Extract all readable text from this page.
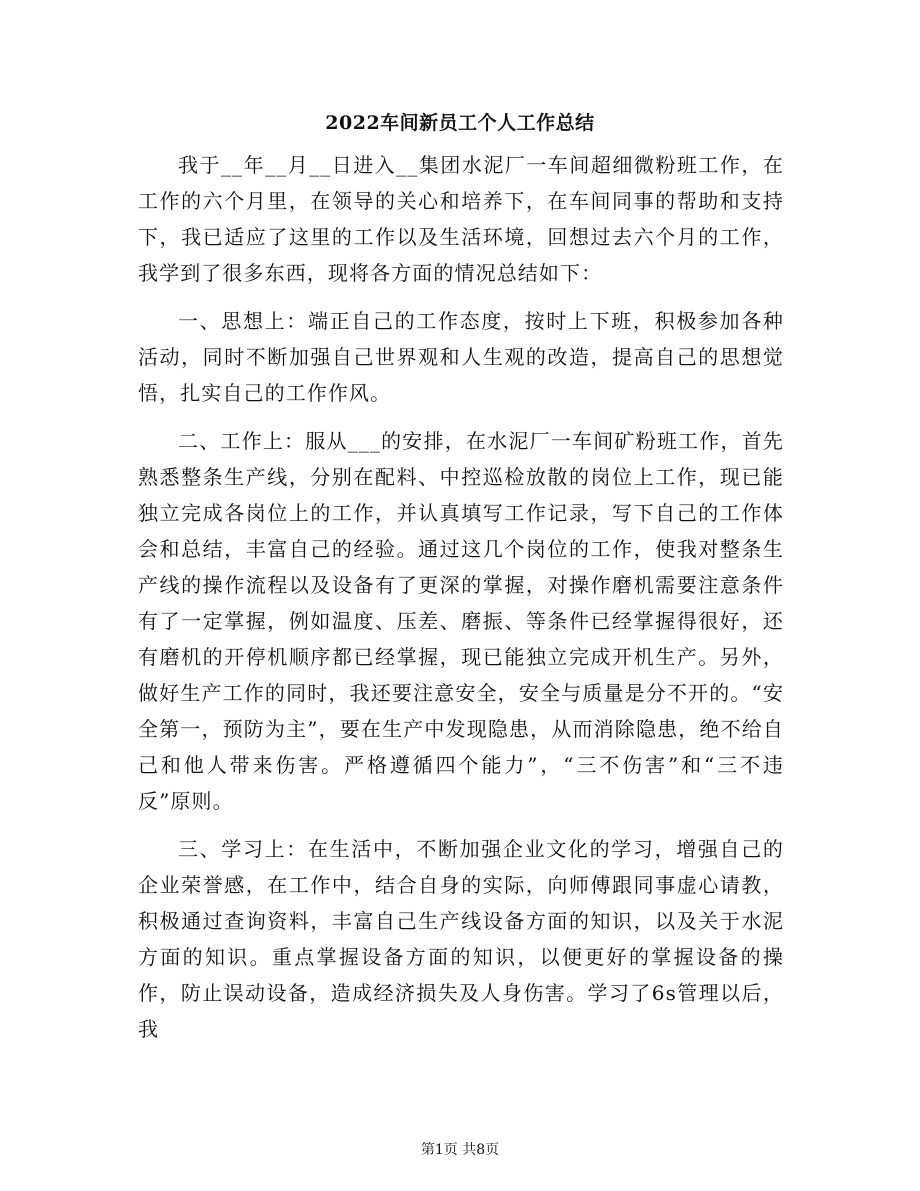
2022车间新员工个人工作总结

我于__年__月__日进入__集团水泥厂一车间超细微粉班工作，在工作的六个月里，在领导的关心和培养下，在车间同事的帮助和支持下，我已适应了这里的工作以及生活环境，回想过去六个月的工作，我学到了很多东西，现将各方面的情况总结如下：

一、思想上：端正自己的工作态度，按时上下班，积极参加各种活动，同时不断加强自己世界观和人生观的改造，提高自己的思想觉悟，扎实自己的工作作风。

二、工作上：服从___的安排，在水泥厂一车间矿粉班工作，首先熟悉整条生产线，分别在配料、中控巡检放散的岗位上工作，现已能独立完成各岗位上的工作，并认真填写工作记录，写下自己的工作体会和总结，丰富自己的经验。通过这几个岗位的工作，使我对整条生产线的操作流程以及设备有了更深的掌握，对操作磨机需要注意条件有了一定掌握，例如温度、压差、磨振、等条件已经掌握得很好，还有磨机的开停机顺序都已经掌握，现已能独立完成开机生产。另外，做好生产工作的同时，我还要注意安全，安全与质量是分不开的。“安全第一，预防为主”，要在生产中发现隐患，从而消除隐患，绝不给自己和他人带来伤害。严格遵循四个能力”，“三不伤害”和“三不违反”原则。

三、学习上：在生活中，不断加强企业文化的学习，增强自己的企业荣誉感，在工作中，结合自身的实际，向师傅跟同事虚心请教，积极通过查询资料，丰富自己生产线设备方面的知识，以及关于水泥方面的知识。重点掌握设备方面的知识，以便更好的掌握设备的操作，防止误动设备，造成经济损失及人身伤害。学习了6s管理以后，我

第1页 共8页
